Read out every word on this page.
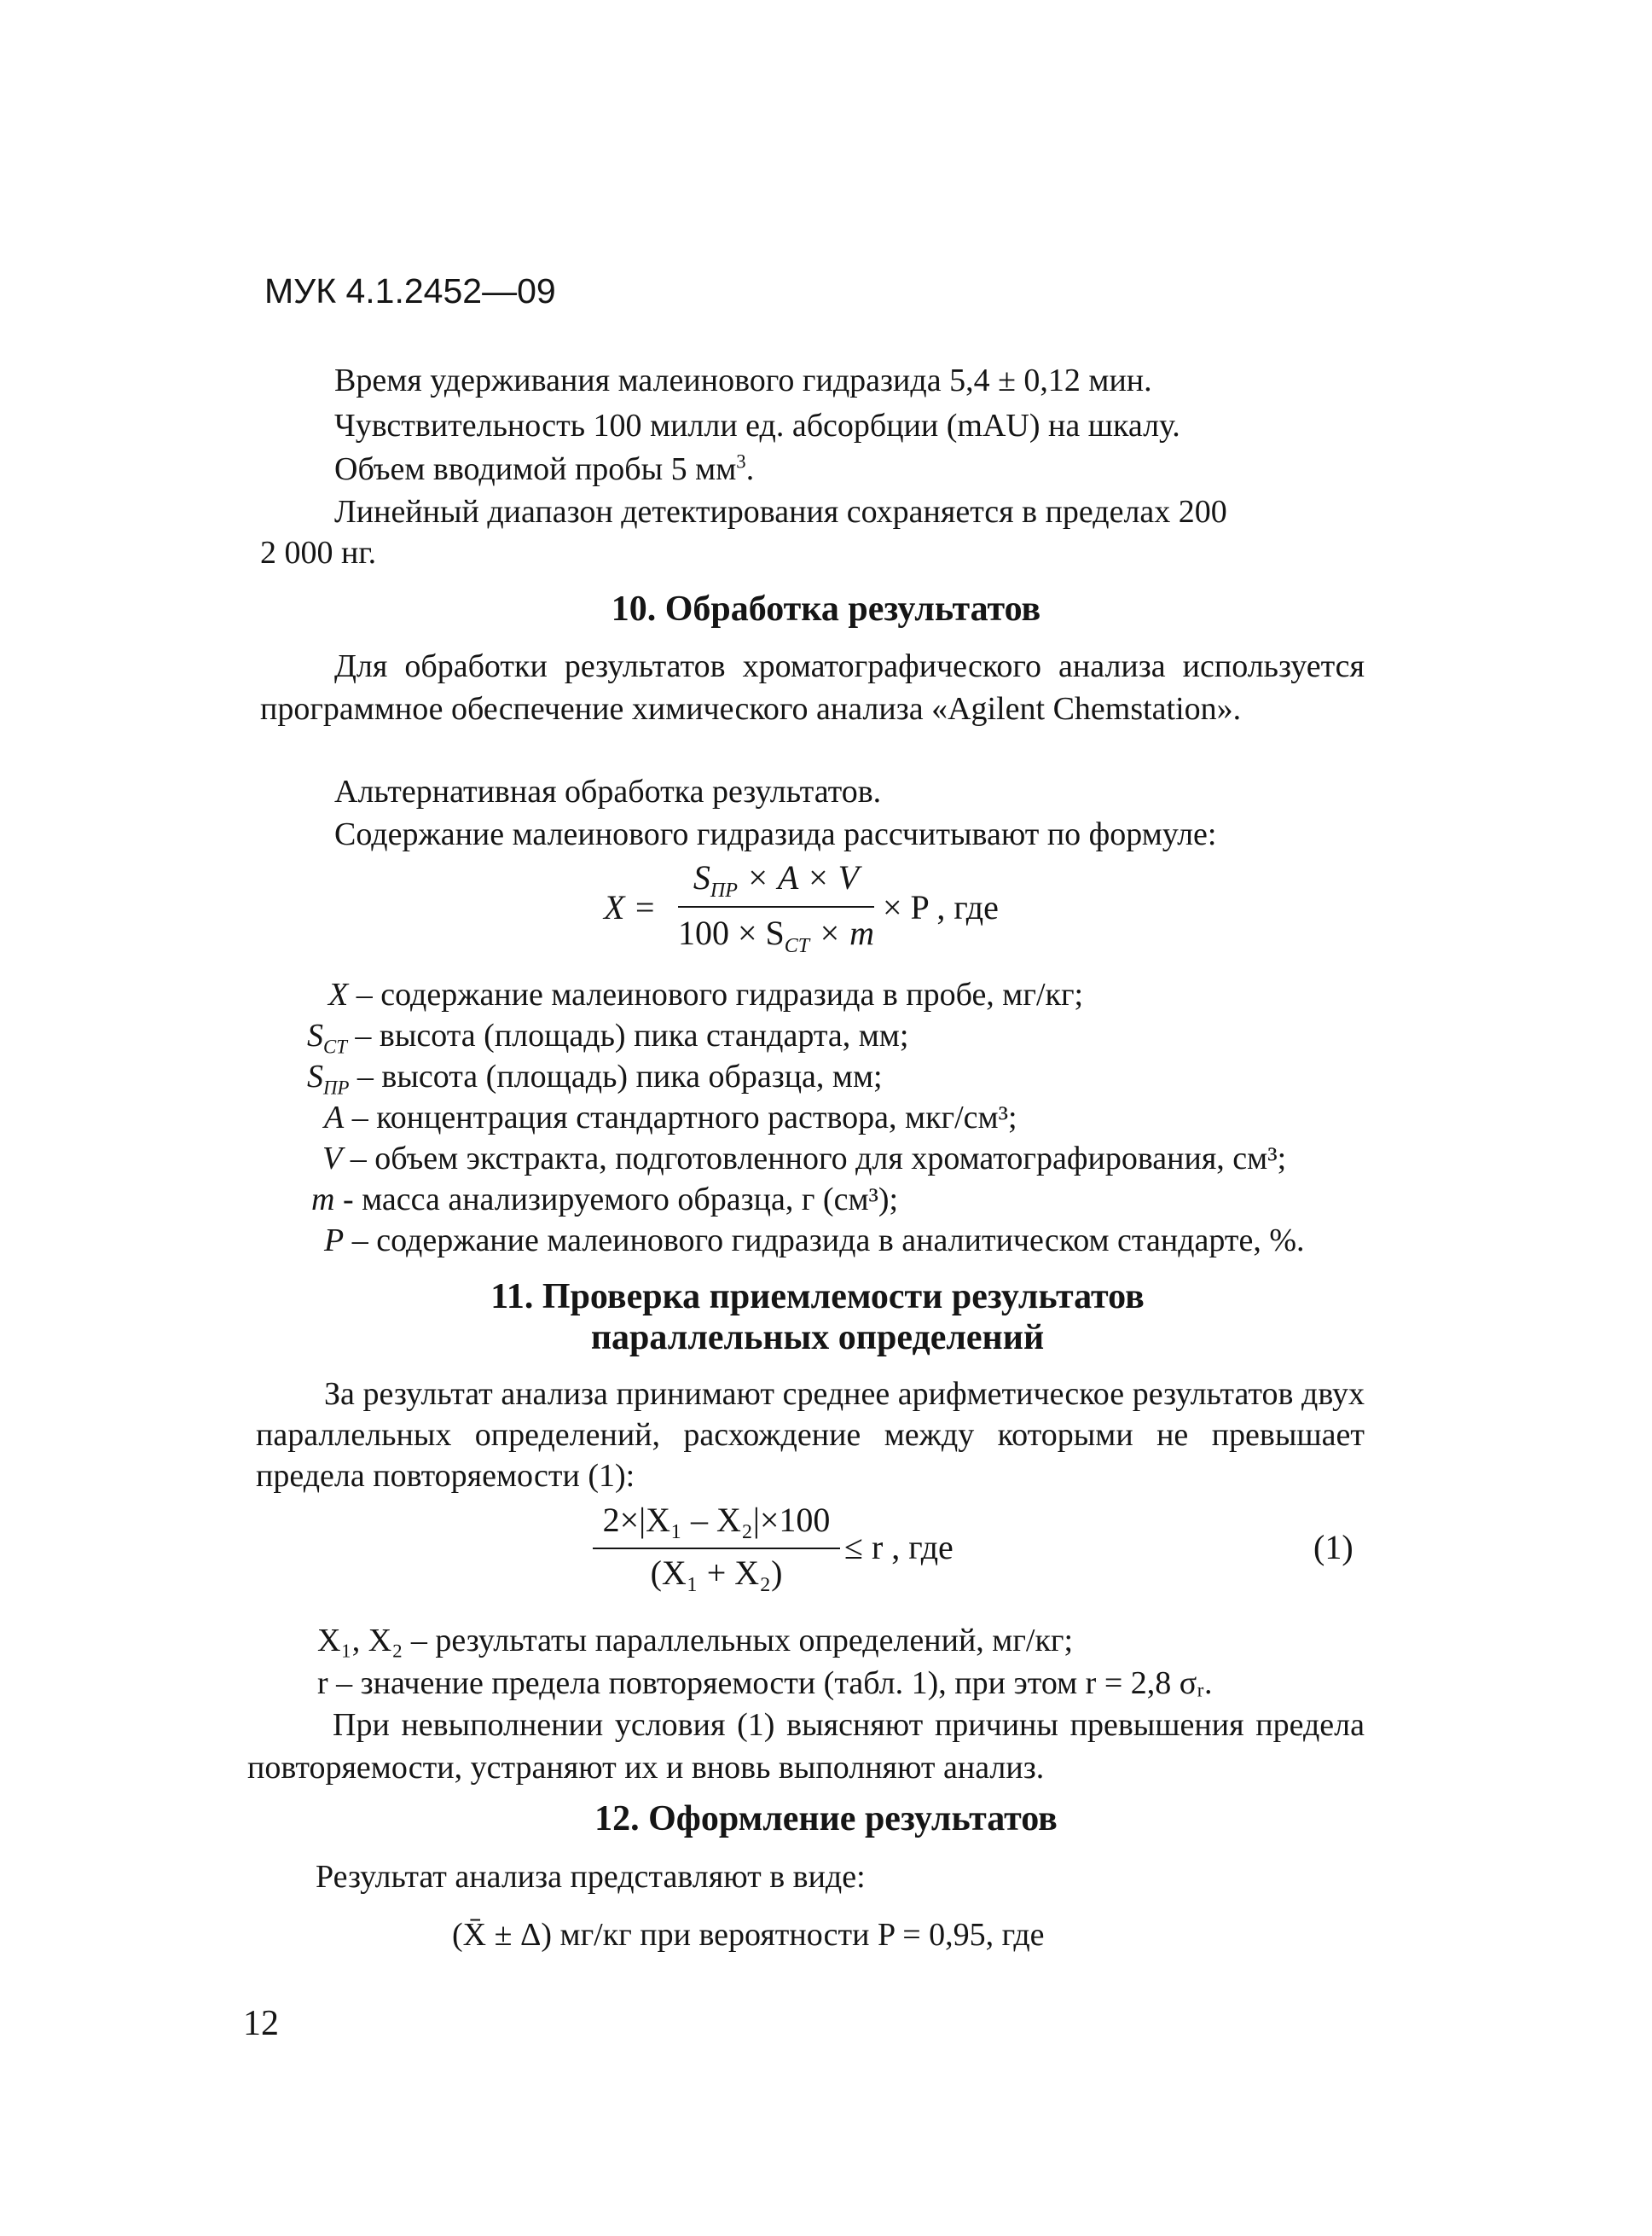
МУК 4.1.2452—09
Время удерживания малеинового гидразида 5,4 ± 0,12 мин.
Чувствительность 100 милли ед. абсорбции (mAU) на шкалу.
Объем вводимой пробы 5 $мм^3$.
Линейный диапазон детектирования сохраняется в пределах 200
2 000 нг.
10. Обработка результатов
Для обработки результатов хроматографического анализа используется программное обеспечение химического анализа «Agilent Chemstation».
Альтернативная обработка результатов.
Содержание малеинового гидразида рассчитывают по формуле:
X =
$S_{ПР} \times A \times V$
$100 \times S_{СТ} \times m$
× P , где
X – содержание малеинового гидразида в пробе, мг/кг;
$S_{СТ}$ – высота (площадь) пика стандарта, мм;
$S_{ПР}$ – высота (площадь) пика образца, мм;
A – концентрация стандартного раствора, мкг/см³;
V – объем экстракта, подготовленного для хроматографирования, см³;
m - масса анализируемого образца, г (см³);
P – содержание малеинового гидразида в аналитическом стандарте, %.
11. Проверка приемлемости результатов
параллельных определений
За результат анализа принимают среднее арифметическое результатов двух параллельных определений, расхождение между которыми не превышает предела повторяемости (1):
2×|X₁ – X₂|×100
(X₁ + X₂)
≤ r , где	(1)
X₁, X₂ – результаты параллельных определений, мг/кг;
r – значение предела повторяемости (табл. 1), при этом r = 2,8 σᵣ.
При невыполнении условия (1) выясняют причины превышения предела повторяемости, устраняют их и вновь выполняют анализ.
12. Оформление результатов
Результат анализа представляют в виде:
(X̄ ± Δ) мг/кг при вероятности P = 0,95, где
12
